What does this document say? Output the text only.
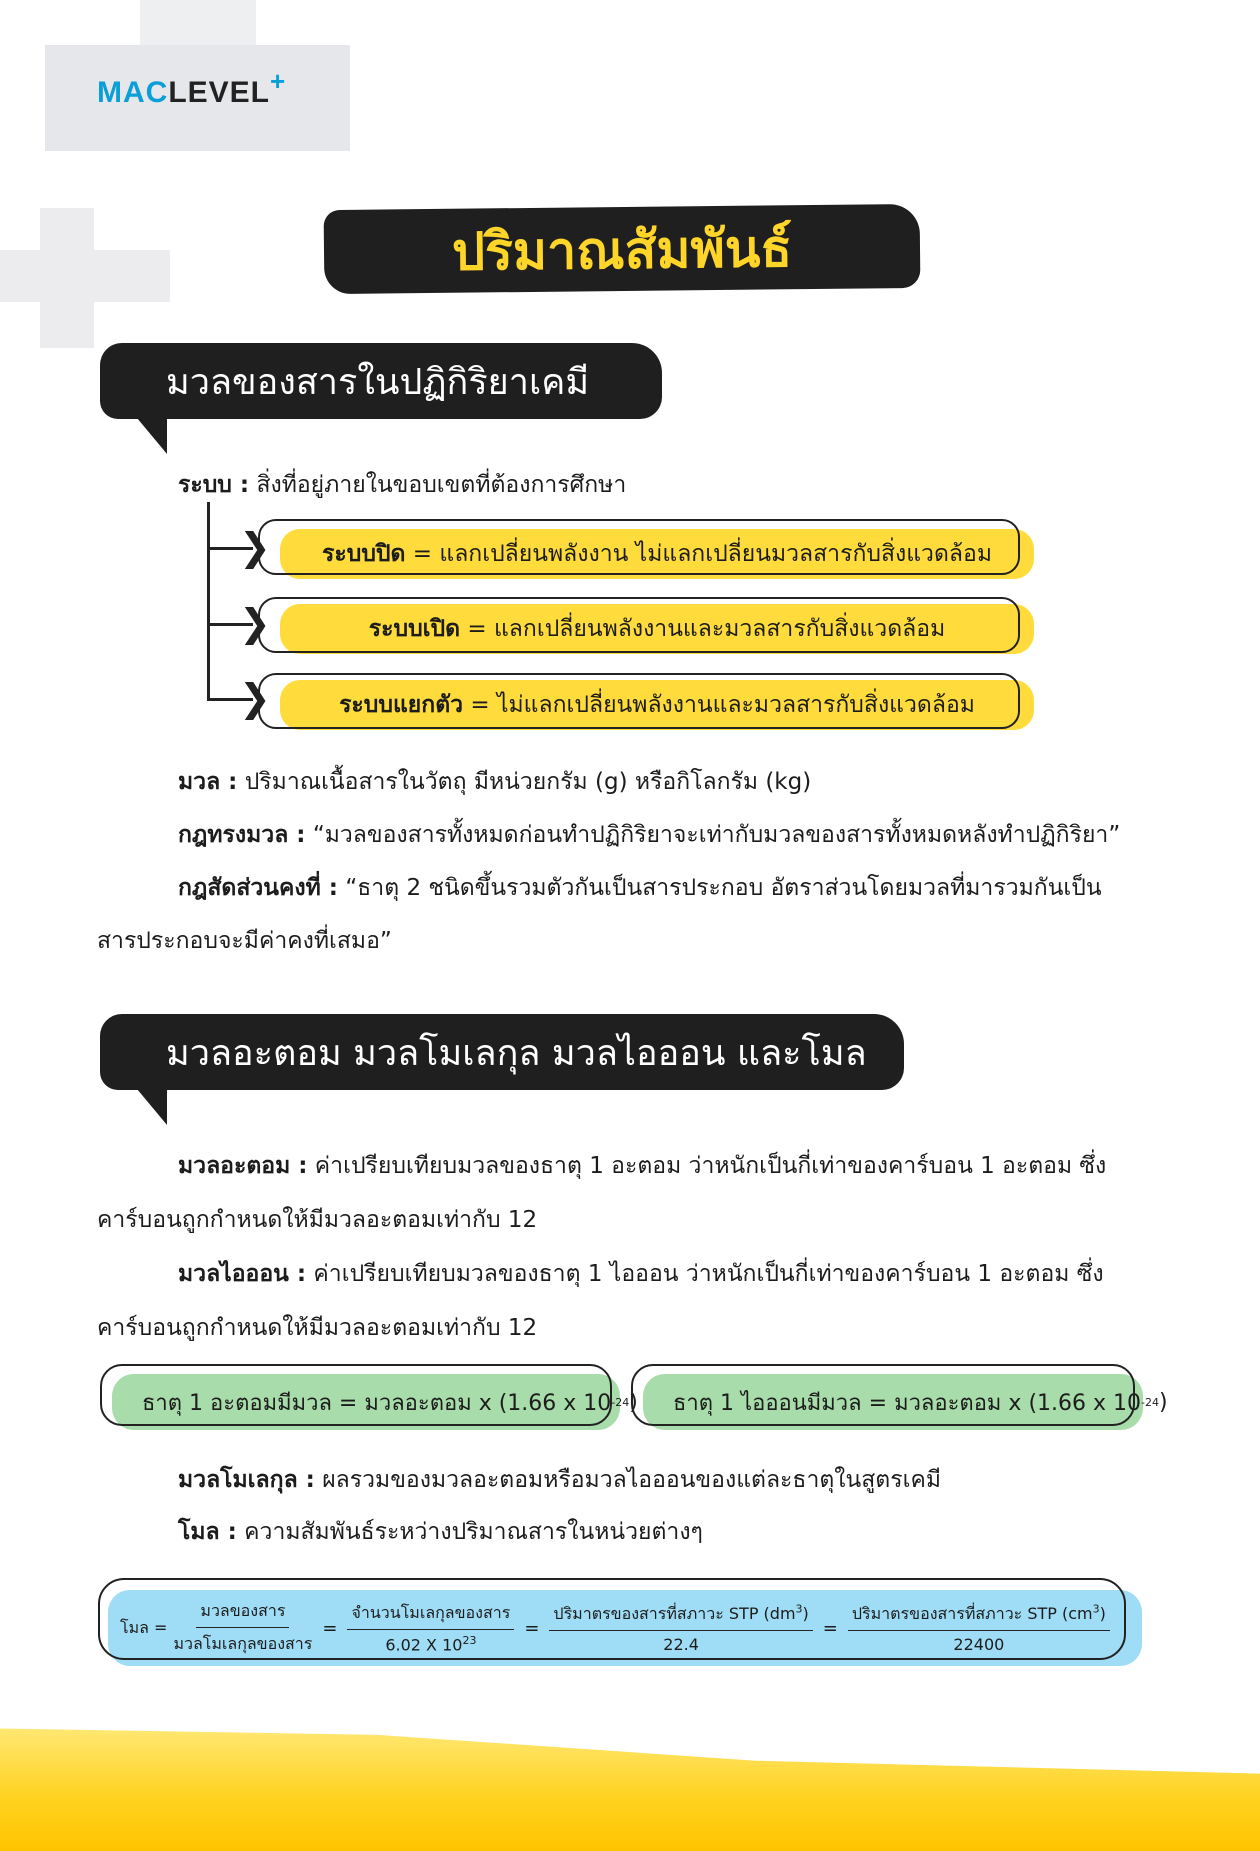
MACLEVEL+
ปริมาณสัมพันธ์
มวลของสารในปฏิกิริยาเคมี
ระบบ : สิ่งที่อยู่ภายในขอบเขตที่ต้องการศึกษา
❯
❯
❯
ระบบปิด
=
แลกเปลี่ยนพลังงาน ไม่แลกเปลี่ยนมวลสารกับสิ่งแวดล้อม
ระบบเปิด
=
แลกเปลี่ยนพลังงานและมวลสารกับสิ่งแวดล้อม
ระบบแยกตัว
=
ไม่แลกเปลี่ยนพลังงานและมวลสารกับสิ่งแวดล้อม
มวล : ปริมาณเนื้อสารในวัตถุ มีหน่วยกรัม (g) หรือกิโลกรัม (kg)
กฎทรงมวล : “มวลของสารทั้งหมดก่อนทำปฏิกิริยาจะเท่ากับมวลของสารทั้งหมดหลังทำปฏิกิริยา”
กฎสัดส่วนคงที่ : “ธาตุ 2 ชนิดขึ้นรวมตัวกันเป็นสารประกอบ อัตราส่วนโดยมวลที่มารวมกันเป็น
สารประกอบจะมีค่าคงที่เสมอ”
มวลอะตอม มวลโมเลกุล มวลไอออน และโมล
มวลอะตอม : ค่าเปรียบเทียบมวลของธาตุ 1 อะตอม ว่าหนักเป็นกี่เท่าของคาร์บอน 1 อะตอม ซึ่ง
คาร์บอนถูกกำหนดให้มีมวลอะตอมเท่ากับ 12
มวลไอออน : ค่าเปรียบเทียบมวลของธาตุ 1 ไอออน ว่าหนักเป็นกี่เท่าของคาร์บอน 1 อะตอม ซึ่ง
คาร์บอนถูกกำหนดให้มีมวลอะตอมเท่ากับ 12
ธาตุ 1 อะตอมมีมวล
= มวลอะตอม x (1.66 x 10 -24 ) ธาตุ 1 ไอออนมีมวล
= มวลอะตอม x (1.66 x 10 -24 )
มวลโมเลกุล : ผลรวมของมวลอะตอมหรือมวลไอออนของแต่ละธาตุในสูตรเคมี
โมล : ความสัมพันธ์ระหว่างปริมาณสารในหน่วยต่างๆ
โมล = $\frac{\text{มวลของสาร}}{\text{มวลโมเลกุลของสาร}} = \frac{\text{จำนวนโมเลกุลของสาร}}{6.02 X 10^{23}} = \frac{ปริมาตรของสารที่สภาวะ STP (dm^3)}{22.4} = \frac{ปริมาตรของสารที่สภาวะ STP (cm^3)}{22400}$
